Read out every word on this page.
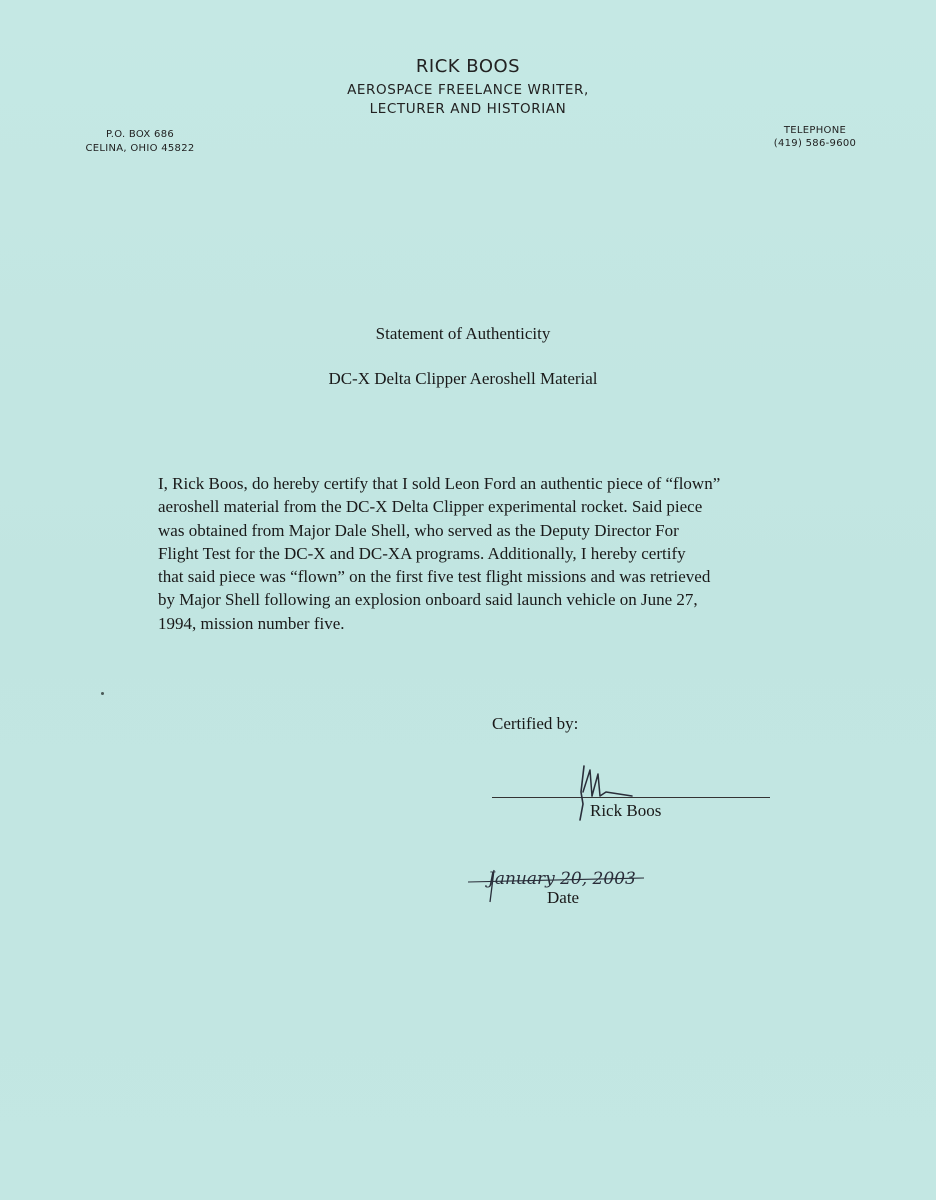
RICK BOOS
AEROSPACE FREELANCE WRITER,
LECTURER AND HISTORIAN
P.O. BOX 686
CELINA, OHIO 45822
TELEPHONE
(419) 586-9600
Statement of Authenticity
DC-X Delta Clipper Aeroshell Material
I, Rick Boos, do hereby certify that I sold Leon Ford an authentic piece of “flown”
aeroshell material from the DC-X Delta Clipper experimental rocket. Said piece
was obtained from Major Dale Shell, who served as the Deputy Director For
Flight Test for the DC-X and DC-XA programs. Additionally, I hereby certify
that said piece was “flown” on the first five test flight missions and was retrieved
by Major Shell following an explosion onboard said launch vehicle on June 27,
1994, mission number five.
Certified by:
Rick Boos
January 20, 2003
Date
